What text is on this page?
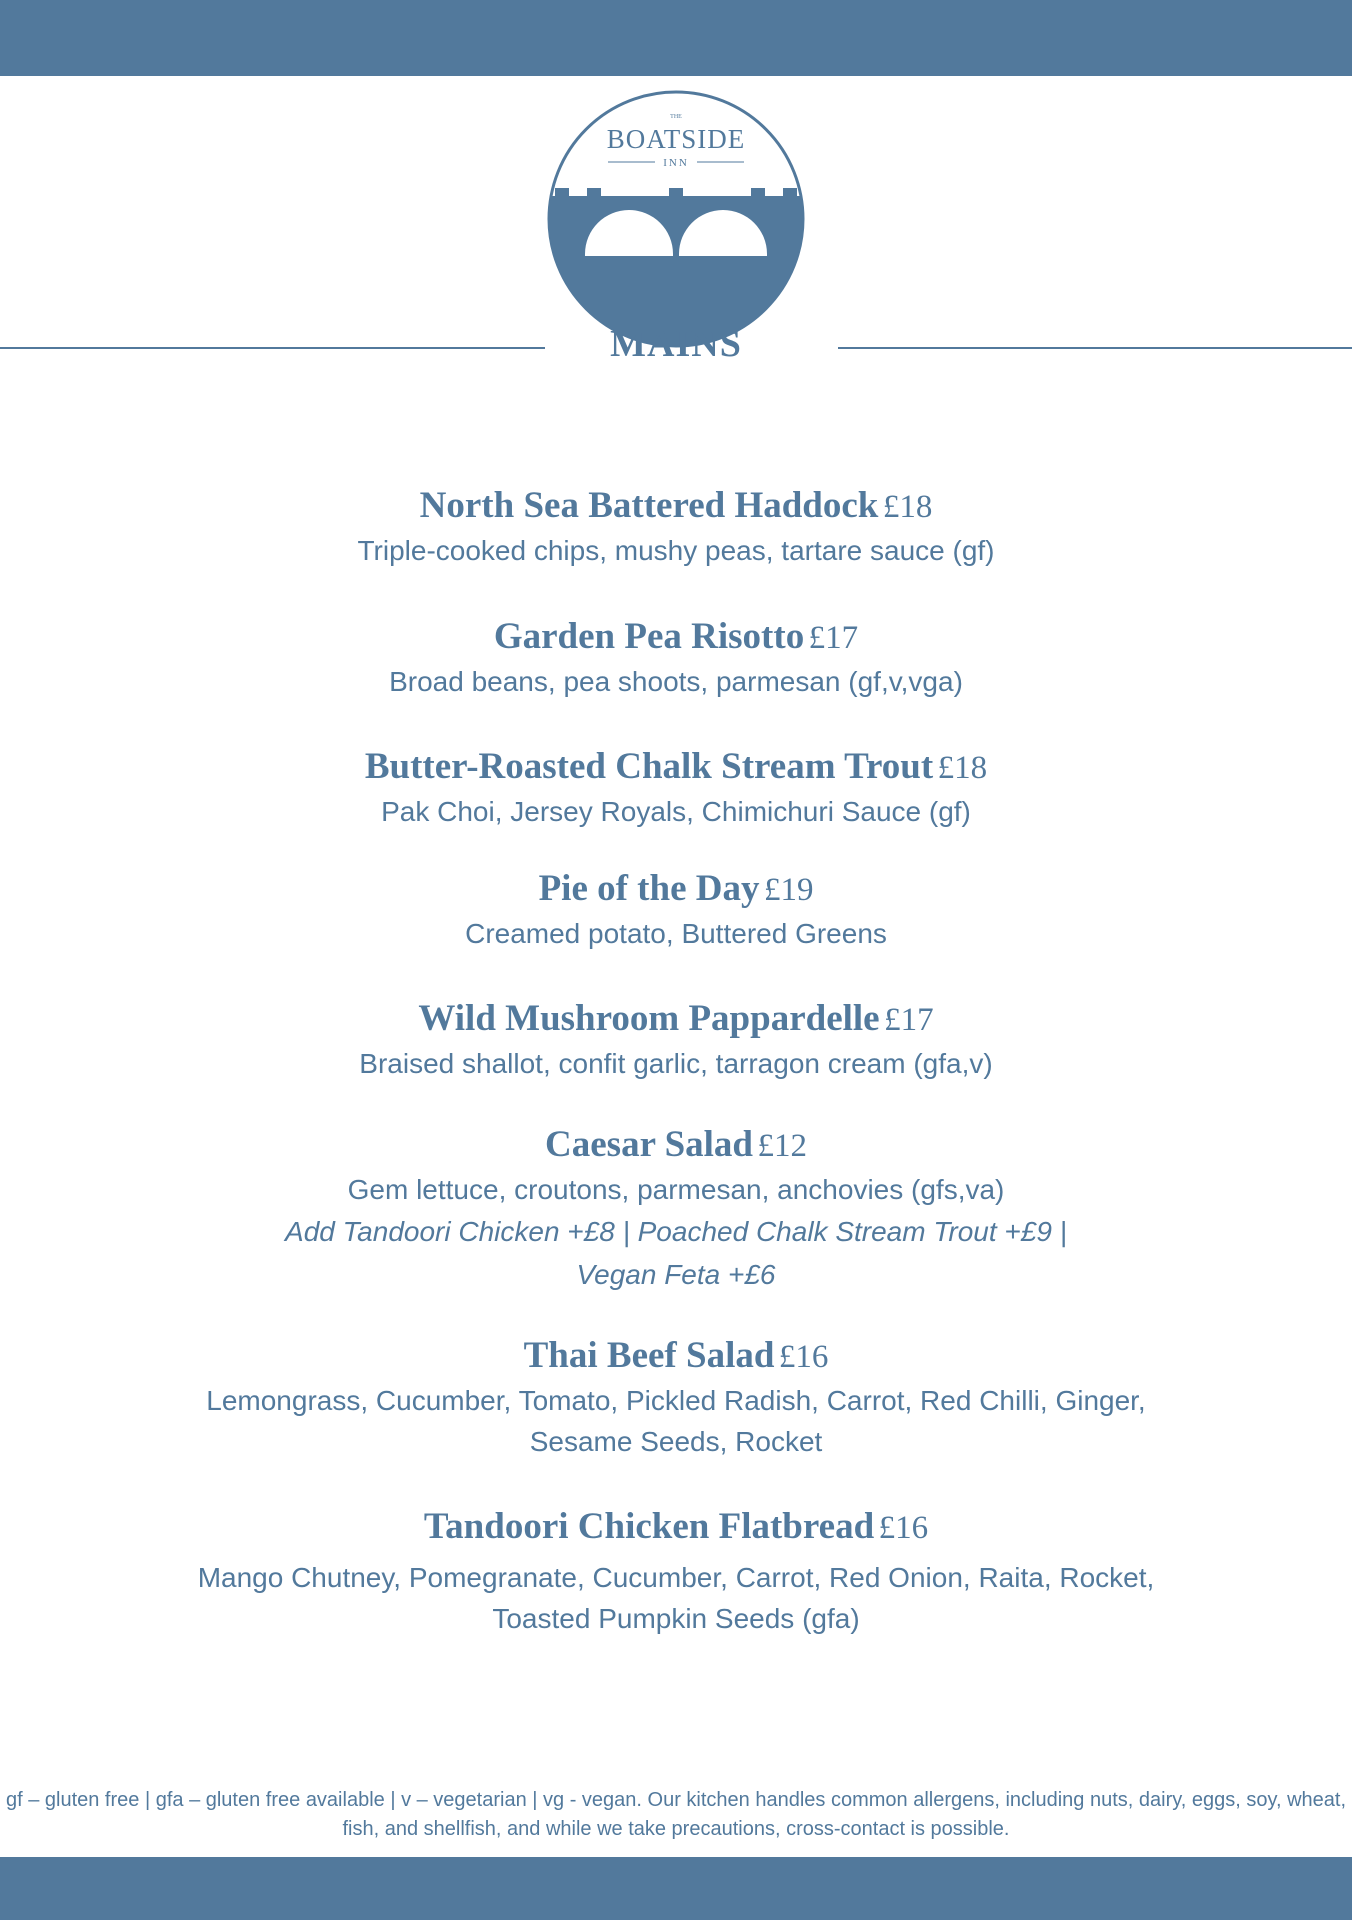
THE
BOATSIDE
INN
MAINS
North Sea Battered Haddock £18
Triple-cooked chips, mushy peas, tartare sauce (gf)
Garden Pea Risotto £17
Broad beans, pea shoots, parmesan (gf,v,vga)
Butter-Roasted Chalk Stream Trout £18
Pak Choi, Jersey Royals, Chimichuri Sauce (gf)
Pie of the Day £19
Creamed potato, Buttered Greens
Wild Mushroom Pappardelle £17
Braised shallot, confit garlic, tarragon cream (gfa,v)
Caesar Salad £12
Gem lettuce, croutons, parmesan, anchovies (gfs,va)
Add Tandoori Chicken +£8 | Poached Chalk Stream Trout +£9 | Vegan Feta +£6
Thai Beef Salad £16
Lemongrass, Cucumber, Tomato, Pickled Radish, Carrot, Red Chilli, Ginger, Sesame Seeds, Rocket
Tandoori Chicken Flatbread £16
Mango Chutney, Pomegranate, Cucumber, Carrot, Red Onion, Raita, Rocket, Toasted Pumpkin Seeds (gfa)
gf – gluten free | gfa – gluten free available | v – vegetarian | vg - vegan. Our kitchen handles common allergens, including nuts, dairy, eggs, soy, wheat, fish, and shellfish, and while we take precautions, cross-contact is possible.
